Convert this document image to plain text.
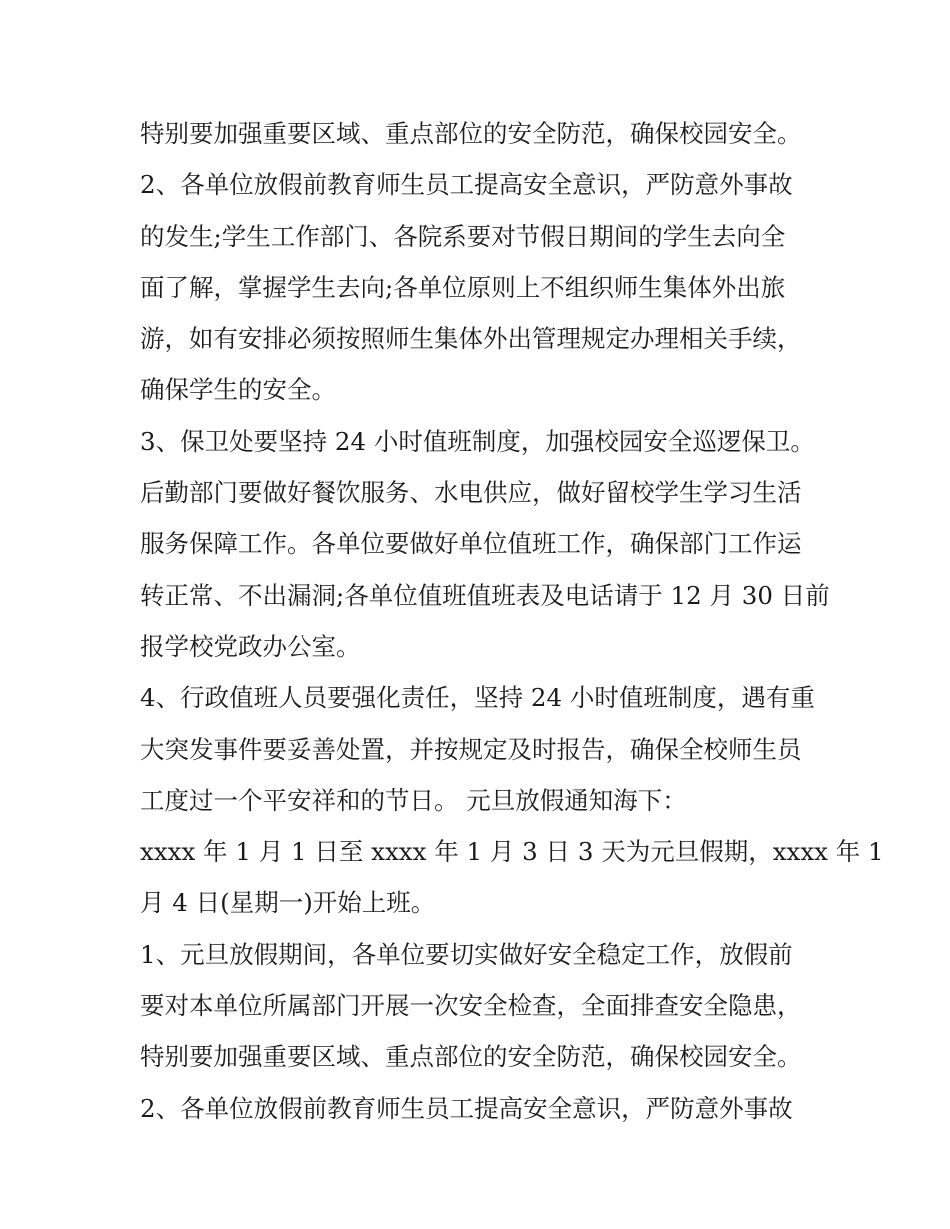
特别要加强重要区域、重点部位的安全防范，确保校园安全。
2、各单位放假前教育师生员工提高安全意识，严防意外事故
的发生;学生工作部门、各院系要对节假日期间的学生去向全
面了解，掌握学生去向;各单位原则上不组织师生集体外出旅
游，如有安排必须按照师生集体外出管理规定办理相关手续，
确保学生的安全。
3、保卫处要坚持 24 小时值班制度，加强校园安全巡逻保卫。
后勤部门要做好餐饮服务、水电供应，做好留校学生学习生活
服务保障工作。各单位要做好单位值班工作，确保部门工作运
转正常、不出漏洞;各单位值班值班表及电话请于 12 月 30 日前
报学校党政办公室。
4、行政值班人员要强化责任，坚持 24 小时值班制度，遇有重
大突发事件要妥善处置，并按规定及时报告，确保全校师生员
工度过一个平安祥和的节日。 元旦放假通知海下：
xxxx 年 1 月 1 日至 xxxx 年 1 月 3 日 3 天为元旦假期，xxxx 年 1
月 4 日(星期一)开始上班。
1、元旦放假期间，各单位要切实做好安全稳定工作，放假前
要对本单位所属部门开展一次安全检查，全面排查安全隐患，
特别要加强重要区域、重点部位的安全防范，确保校园安全。
2、各单位放假前教育师生员工提高安全意识，严防意外事故
